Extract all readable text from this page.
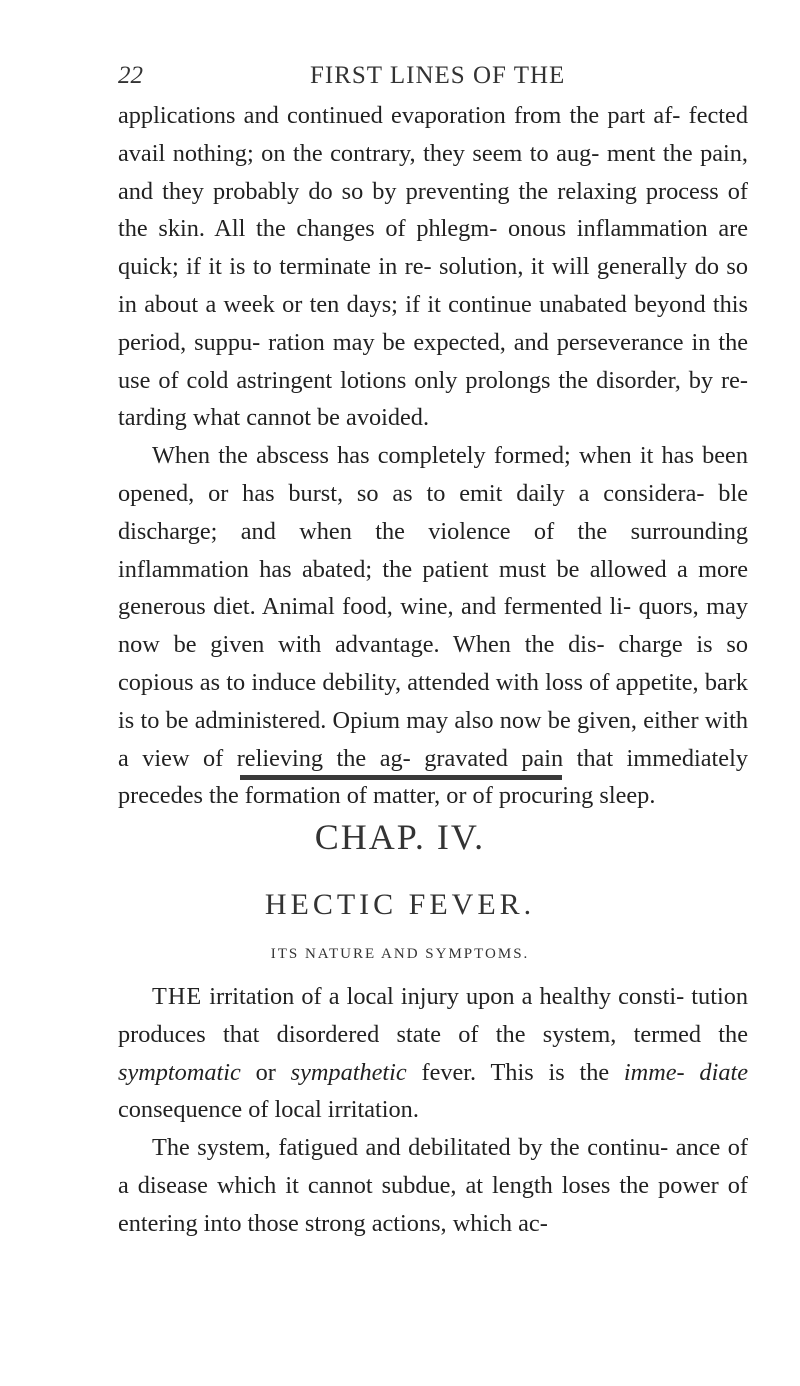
22	FIRST LINES OF THE

applications and continued evaporation from the part af- fected avail nothing; on the contrary, they seem to aug- ment the pain, and they probably do so by preventing the relaxing process of the skin. All the changes of phlegm- onous inflammation are quick; if it is to terminate in re- solution, it will generally do so in about a week or ten days; if it continue unabated beyond this period, suppu- ration may be expected, and perseverance in the use of cold astringent lotions only prolongs the disorder, by re- tarding what cannot be avoided.

When the abscess has completely formed; when it has been opened, or has burst, so as to emit daily a considera- ble discharge; and when the violence of the surrounding inflammation has abated; the patient must be allowed a more generous diet. Animal food, wine, and fermented li- quors, may now be given with advantage. When the dis- charge is so copious as to induce debility, attended with loss of appetite, bark is to be administered. Opium may also now be given, either with a view of relieving the ag- gravated pain that immediately precedes the formation of matter, or of procuring sleep.

CHAP. IV.
HECTIC FEVER.
ITS NATURE AND SYMPTOMS.

THE irritation of a local injury upon a healthy consti- tution produces that disordered state of the system, termed the symptomatic or sympathetic fever. This is the imme- diate consequence of local irritation.

The system, fatigued and debilitated by the continu- ance of a disease which it cannot subdue, at length loses the power of entering into those strong actions, which ac-
